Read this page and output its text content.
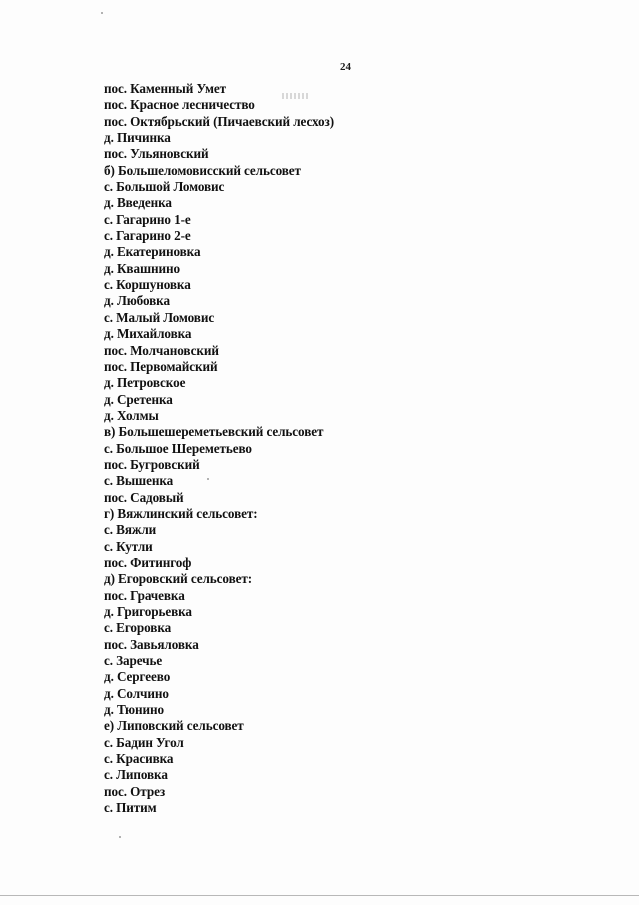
24
пос. Каменный Умет
пос. Красное лесничество
пос. Октябрьский (Пичаевский лесхоз)
д. Пичинка
пос. Ульяновский
б) Большеломовисский сельсовет
с. Большой Ломовис
д. Введенка
с. Гагарино 1-е
с. Гагарино 2-е
д. Екатериновка
д. Квашнино
с. Коршуновка
д. Любовка
с. Малый Ломовис
д. Михайловка
пос. Молчановский
пос. Первомайский
д. Петровское
д. Сретенка
д. Холмы
в) Большешереметьевский сельсовет
с. Большое Шереметьево
пос. Бугровский
с. Вышенка
пос. Садовый
г) Вяжлинский сельсовет:
с. Вяжли
с. Кутли
пос. Фитингоф
д) Егоровский сельсовет:
пос. Грачевка
д. Григорьевка
с. Егоровка
пос. Завьяловка
с. Заречье
д. Сергеево
д. Солчино
д. Тюнино
е) Липовский сельсовет
с. Бадин Угол
с. Красивка
с. Липовка
пос. Отрез
с. Питим
